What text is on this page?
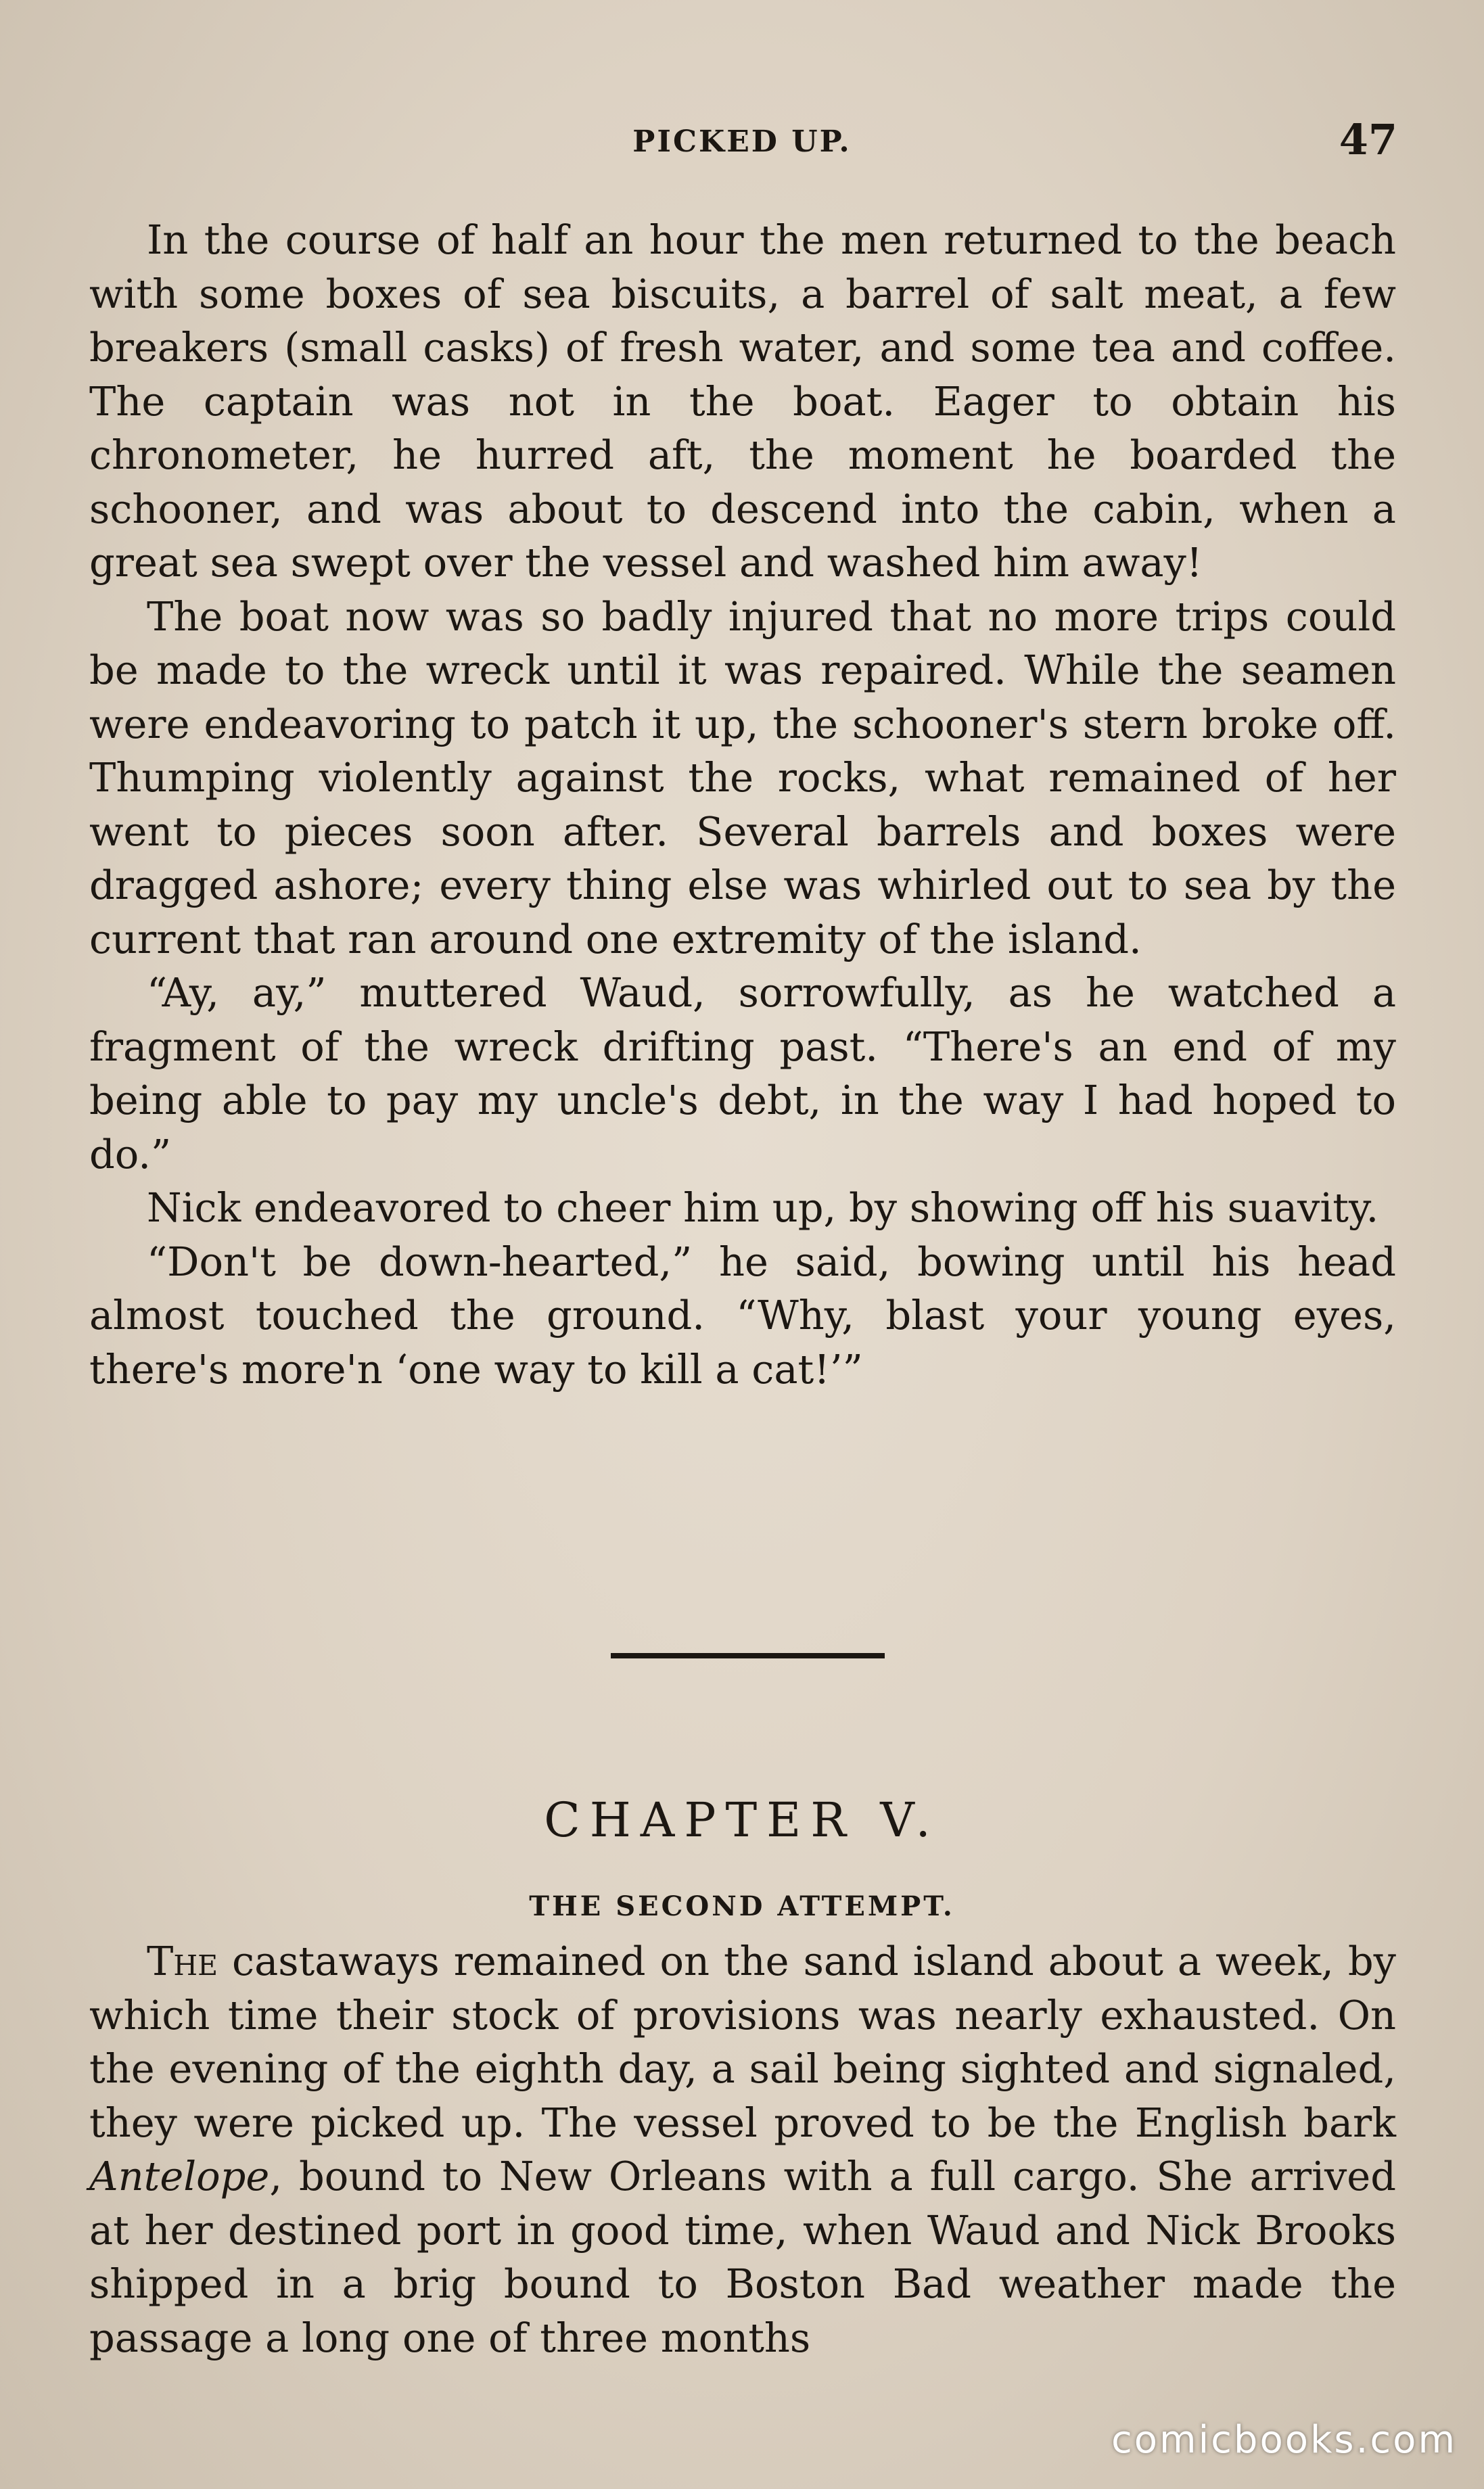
PICKED UP.	47

In the course of half an hour the men returned to the beach with some boxes of sea biscuits, a barrel of salt meat, a few breakers (small casks) of fresh water, and some tea and coffee. The captain was not in the boat. Eager to obtain his chronometer, he hurred aft, the moment he boarded the schooner, and was about to descend into the cabin, when a great sea swept over the vessel and washed him away!

The boat now was so badly injured that no more trips could be made to the wreck until it was repaired. While the seamen were endeavoring to patch it up, the schooner's stern broke off. Thumping violently against the rocks, what remained of her went to pieces soon after. Several barrels and boxes were dragged ashore; every thing else was whirled out to sea by the current that ran around one extremity of the island.

“Ay, ay,” muttered Waud, sorrowfully, as he watched a fragment of the wreck drifting past. “There's an end of my being able to pay my uncle's debt, in the way I had hoped to do.”

Nick endeavored to cheer him up, by showing off his suavity.

“Don't be down-hearted,” he said, bowing until his head almost touched the ground. “Why, blast your young eyes, there's more'n ‘one way to kill a cat!’”

CHAPTER V.
THE SECOND ATTEMPT.

The castaways remained on the sand island about a week, by which time their stock of provisions was nearly exhausted. On the evening of the eighth day, a sail being sighted and signaled, they were picked up. The vessel proved to be the English bark Antelope, bound to New Orleans with a full cargo. She arrived at her destined port in good time, when Waud and Nick Brooks shipped in a brig bound to Boston Bad weather made the passage a long one of three months

comicbooks.com
